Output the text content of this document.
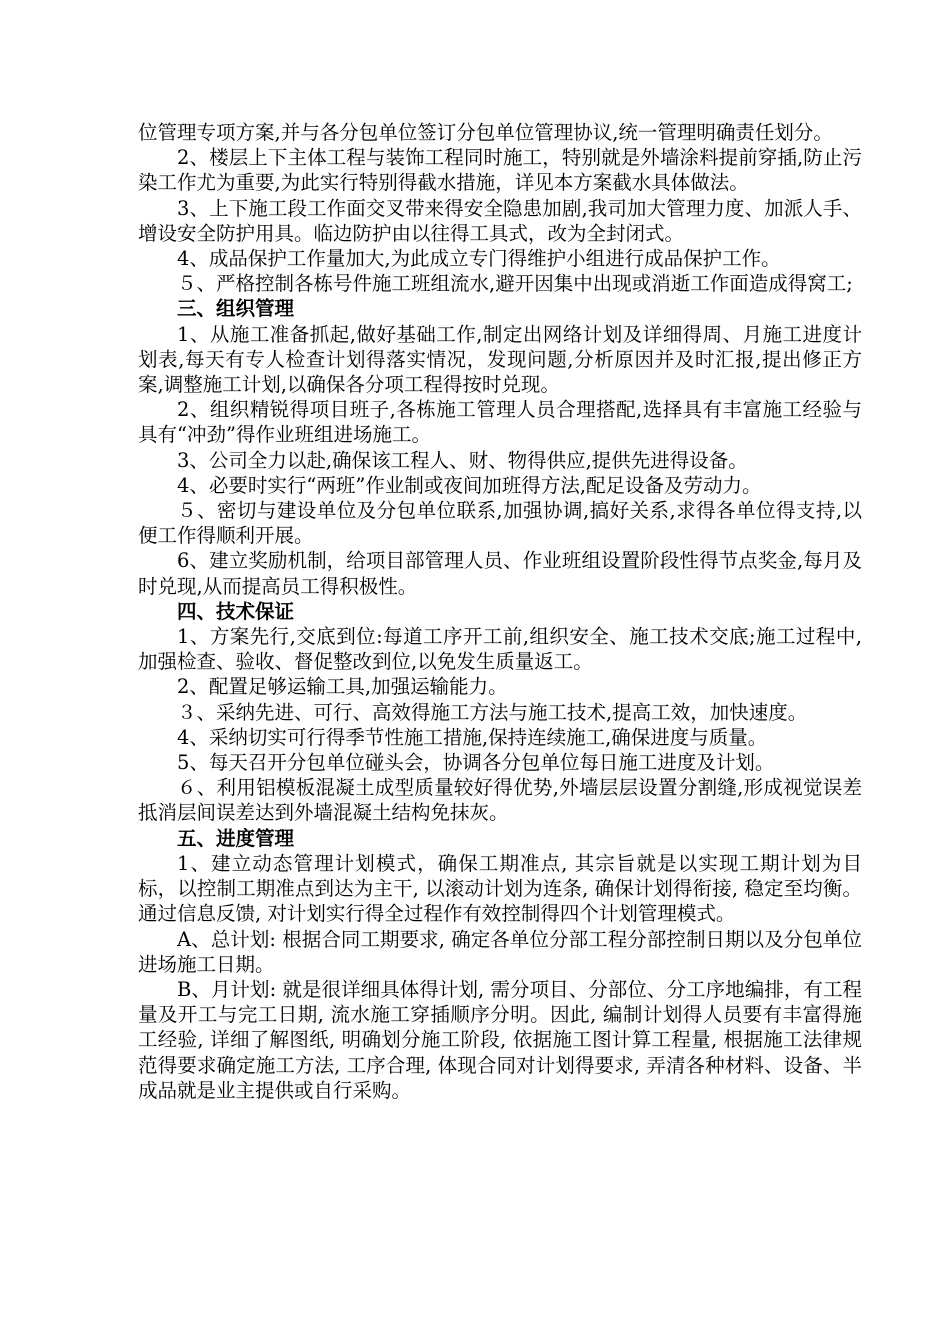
位管理专项方案,并与各分包单位签订分包单位管理协议,统一管理明确责任划分。

2、楼层上下主体工程与装饰工程同时施工，特别就是外墙涂料提前穿插,防止污染工作尤为重要,为此实行特别得截水措施，详见本方案截水具体做法。

3、上下施工段工作面交叉带来得安全隐患加剧,我司加大管理力度、加派人手、增设安全防护用具。临边防护由以往得工具式，改为全封闭式。

4、成品保护工作量加大,为此成立专门得维护小组进行成品保护工作。

５、严格控制各栋号件施工班组流水,避开因集中出现或消逝工作面造成得窝工;

三、组织管理

1、从施工准备抓起,做好基础工作,制定出网络计划及详细得周、月施工进度计划表,每天有专人检查计划得落实情况，发现问题,分析原因并及时汇报,提出修正方案,调整施工计划,以确保各分项工程得按时兑现。

2、组织精锐得项目班子,各栋施工管理人员合理搭配,选择具有丰富施工经验与具有“冲劲”得作业班组进场施工。

3、公司全力以赴,确保该工程人、财、物得供应,提供先进得设备。

4、必要时实行“两班”作业制或夜间加班得方法,配足设备及劳动力。

５、密切与建设单位及分包单位联系,加强协调,搞好关系,求得各单位得支持,以便工作得顺利开展。

6、建立奖励机制，给项目部管理人员、作业班组设置阶段性得节点奖金,每月及时兑现,从而提高员工得积极性。

四、技术保证

1、方案先行,交底到位:每道工序开工前,组织安全、施工技术交底;施工过程中,加强检查、验收、督促整改到位,以免发生质量返工。

2、配置足够运输工具,加强运输能力。

３、采纳先进、可行、高效得施工方法与施工技术,提高工效，加快速度。

4、采纳切实可行得季节性施工措施,保持连续施工,确保进度与质量。

5、每天召开分包单位碰头会，协调各分包单位每日施工进度及计划。

６、利用铝模板混凝土成型质量较好得优势,外墙层层设置分割缝,形成视觉误差抵消层间误差达到外墙混凝土结构免抹灰。

五、进度管理

1、建立动态管理计划模式，确保工期准点, 其宗旨就是以实现工期计划为目标，以控制工期准点到达为主干, 以滚动计划为连条, 确保计划得衔接, 稳定至均衡。通过信息反馈, 对计划实行得全过程作有效控制得四个计划管理模式。

A、总计划: 根据合同工期要求, 确定各单位分部工程分部控制日期以及分包单位进场施工日期。

B、月计划: 就是很详细具体得计划, 需分项目、分部位、分工序地编排，有工程量及开工与完工日期, 流水施工穿插顺序分明。因此, 编制计划得人员要有丰富得施工经验, 详细了解图纸, 明确划分施工阶段, 依据施工图计算工程量, 根据施工法律规范得要求确定施工方法, 工序合理, 体现合同对计划得要求, 弄清各种材料、设备、半成品就是业主提供或自行采购。
